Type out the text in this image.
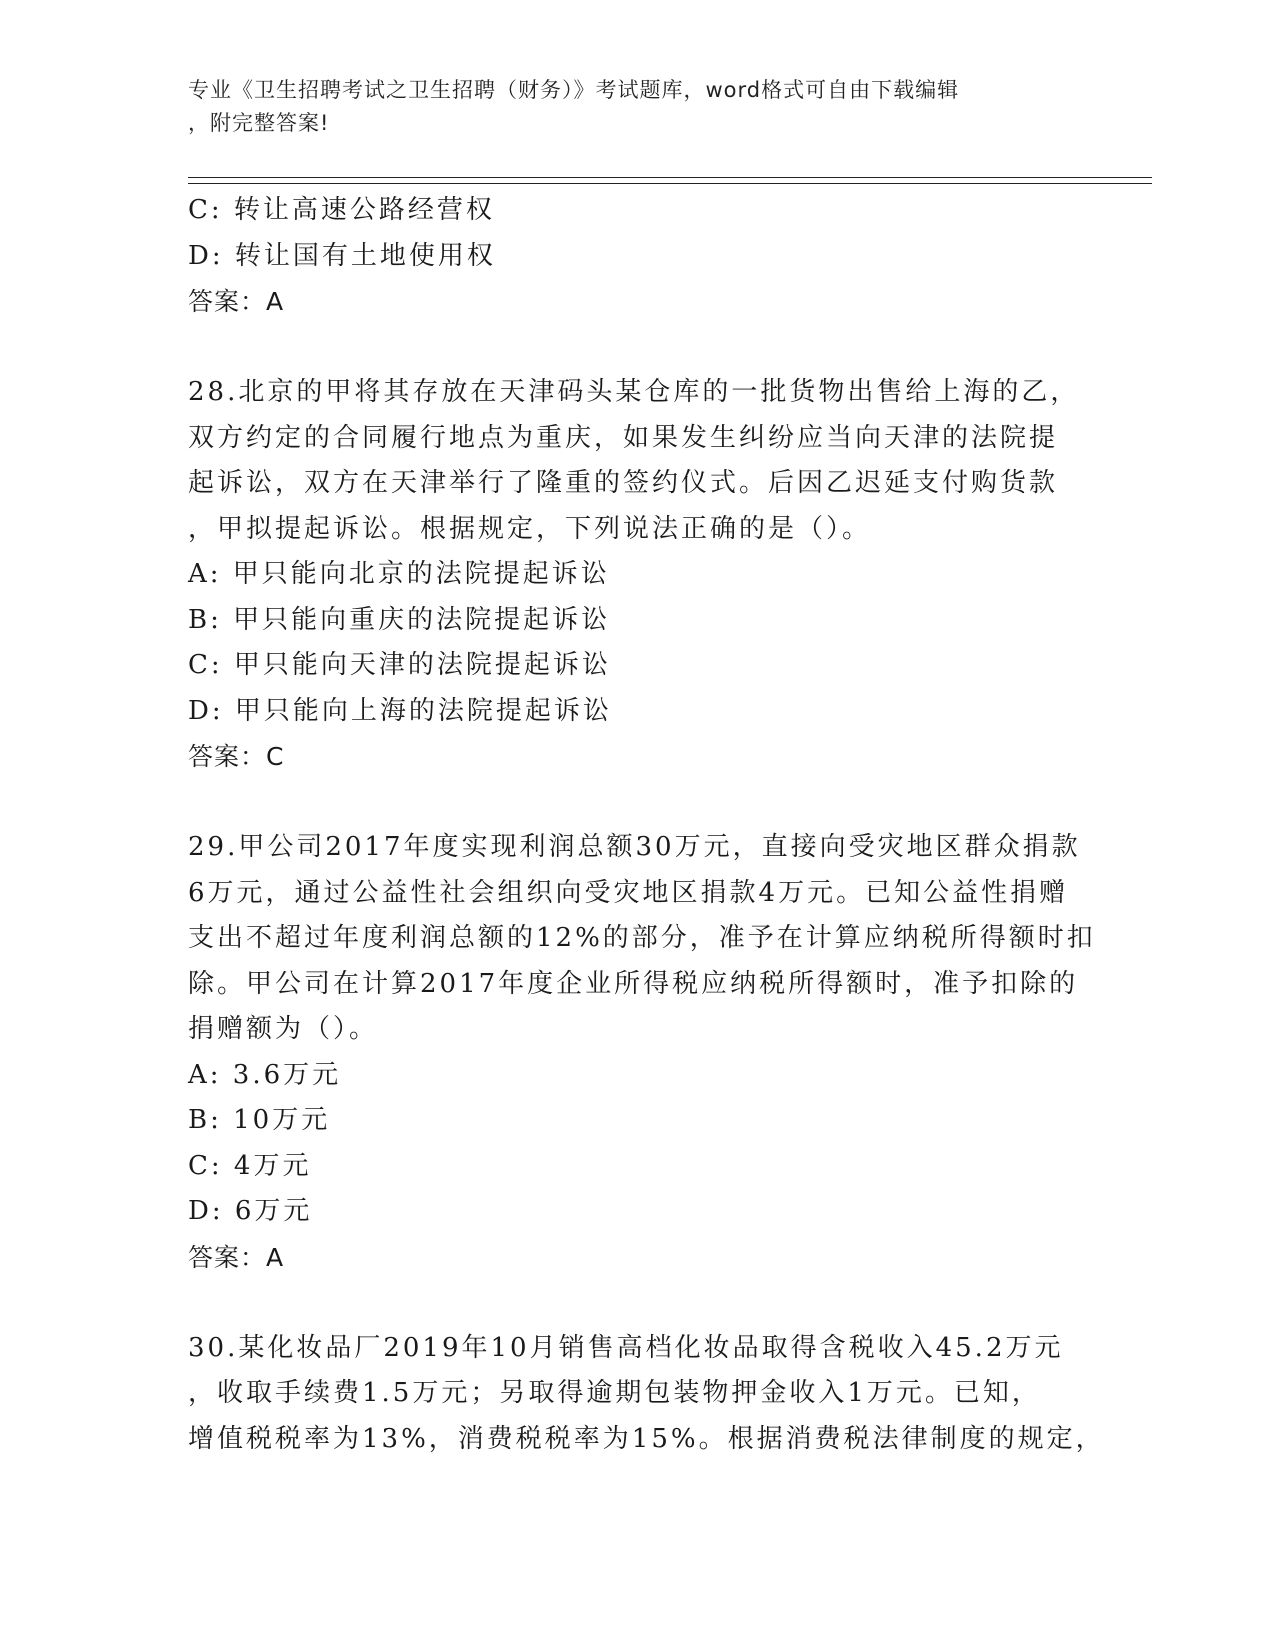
专业《卫生招聘考试之卫生招聘（财务）》考试题库，word格式可自由下载编辑
，附完整答案!
C: 转让高速公路经营权
D: 转让国有土地使用权
答案：A
28.北京的甲将其存放在天津码头某仓库的一批货物出售给上海的乙，
双方约定的合同履行地点为重庆，如果发生纠纷应当向天津的法院提
起诉讼，双方在天津举行了隆重的签约仪式。后因乙迟延支付购货款
，甲拟提起诉讼。根据规定，下列说法正确的是（）。
A: 甲只能向北京的法院提起诉讼
B: 甲只能向重庆的法院提起诉讼
C: 甲只能向天津的法院提起诉讼
D: 甲只能向上海的法院提起诉讼
答案：C
29.甲公司2017年度实现利润总额30万元，直接向受灾地区群众捐款
6万元，通过公益性社会组织向受灾地区捐款4万元。已知公益性捐赠
支出不超过年度利润总额的12%的部分，准予在计算应纳税所得额时扣
除。甲公司在计算2017年度企业所得税应纳税所得额时，准予扣除的
捐赠额为（）。
A: 3.6万元
B: 10万元
C: 4万元
D: 6万元
答案：A
30.某化妆品厂2019年10月销售高档化妆品取得含税收入45.2万元
，收取手续费1.5万元；另取得逾期包装物押金收入1万元。已知，
增值税税率为13%，消费税税率为15%。根据消费税法律制度的规定，
